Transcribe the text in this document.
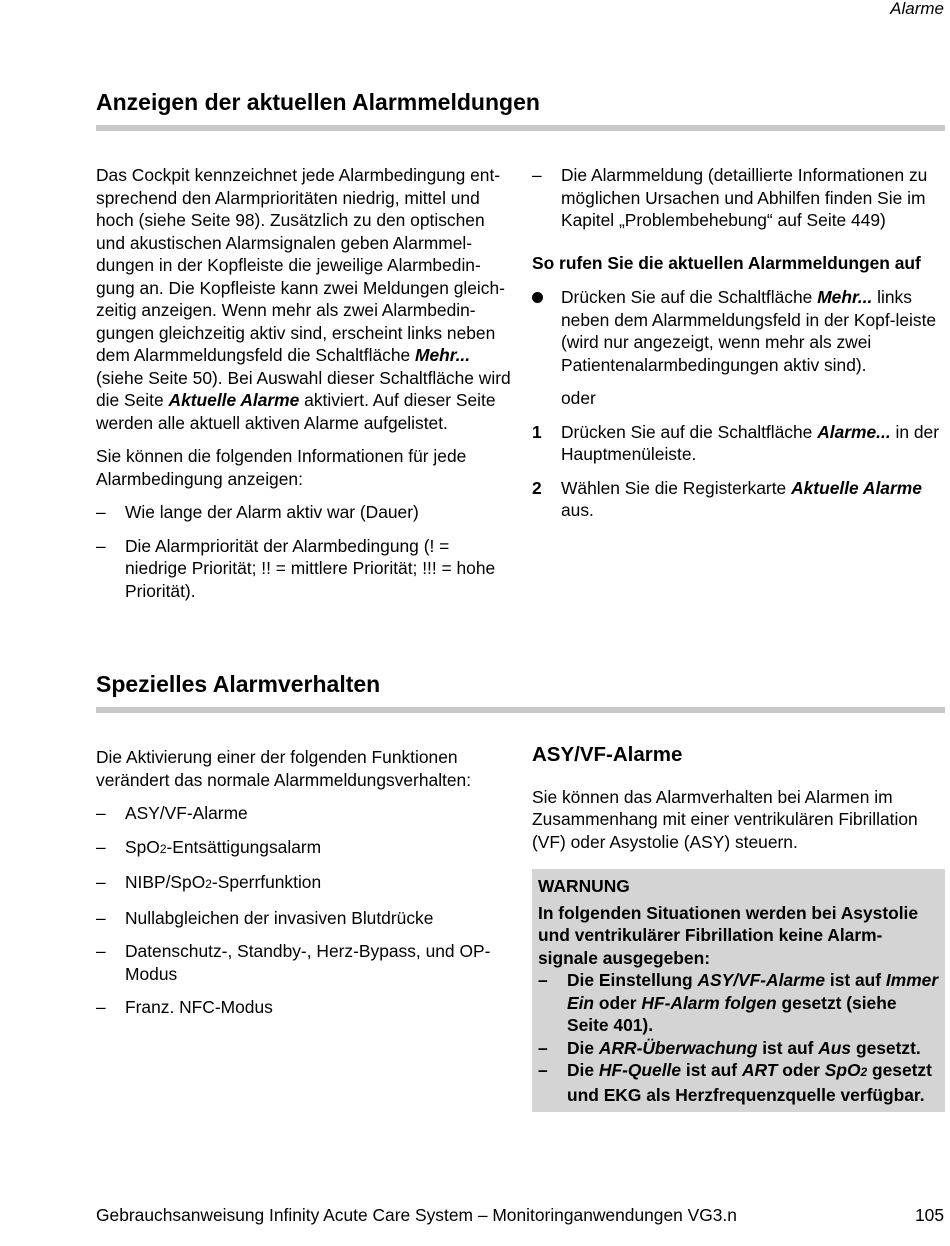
Alarme
Anzeigen der aktuellen Alarmmeldungen

Das Cockpit kennzeichnet jede Alarmbedingung ent-sprechend den Alarmprioritäten niedrig, mittel und hoch (siehe Seite 98). Zusätzlich zu den optischen und akustischen Alarmsignalen geben Alarmmel-dungen in der Kopfleiste die jeweilige Alarmbedin-gung an. Die Kopfleiste kann zwei Meldungen gleich-zeitig anzeigen. Wenn mehr als zwei Alarmbedin-gungen gleichzeitig aktiv sind, erscheint links neben dem Alarmmeldungsfeld die Schaltfläche Mehr... (siehe Seite 50). Bei Auswahl dieser Schaltfläche wird die Seite Aktuelle Alarme aktiviert. Auf dieser Seite werden alle aktuell aktiven Alarme aufgelistet.

Sie können die folgenden Informationen für jede Alarmbedingung anzeigen:

–	Wie lange der Alarm aktiv war (Dauer)
–	Die Alarmpriorität der Alarmbedingung (! = niedrige Priorität; !! = mittlere Priorität; !!! = hohe Priorität).
–	Die Alarmmeldung (detaillierte Informationen zu möglichen Ursachen und Abhilfen finden Sie im Kapitel „Problembehebung“ auf Seite 449)
So rufen Sie die aktuellen Alarmmeldungen auf
Drücken Sie auf die Schaltfläche Mehr... links neben dem Alarmmeldungsfeld in der Kopf-leiste (wird nur angezeigt, wenn mehr als zwei Patientenalarmbedingungen aktiv sind).
oder
1	Drücken Sie auf die Schaltfläche Alarme... in der Hauptmenüleiste.
2	Wählen Sie die Registerkarte Aktuelle Alarme aus.
Spezielles Alarmverhalten

Die Aktivierung einer der folgenden Funktionen verändert das normale Alarmmeldungsverhalten:

–	ASY/VF-Alarme
–	SpO2-Entsättigungsalarm
–	NIBP/SpO2-Sperrfunktion
–	Nullabgleichen der invasiven Blutdrücke
–	Datenschutz-, Standby-, Herz-Bypass, und OP-Modus
–	Franz. NFC-Modus
ASY/VF-Alarme

Sie können das Alarmverhalten bei Alarmen im Zusammenhang mit einer ventrikulären Fibrillation (VF) oder Asystolie (ASY) steuern.

WARNUNG
In folgenden Situationen werden bei Asystolie und ventrikulärer Fibrillation keine Alarm-signale ausgegeben:
– Die Einstellung ASY/VF-Alarme ist auf Immer Ein oder HF-Alarm folgen gesetzt (siehe Seite 401).
– Die ARR-Überwachung ist auf Aus gesetzt.
– Die HF-Quelle ist auf ART oder SpO2 gesetzt und EKG als Herzfrequenzquelle verfügbar.
Gebrauchsanweisung Infinity Acute Care System – Monitoringanwendungen VG3.n	105
